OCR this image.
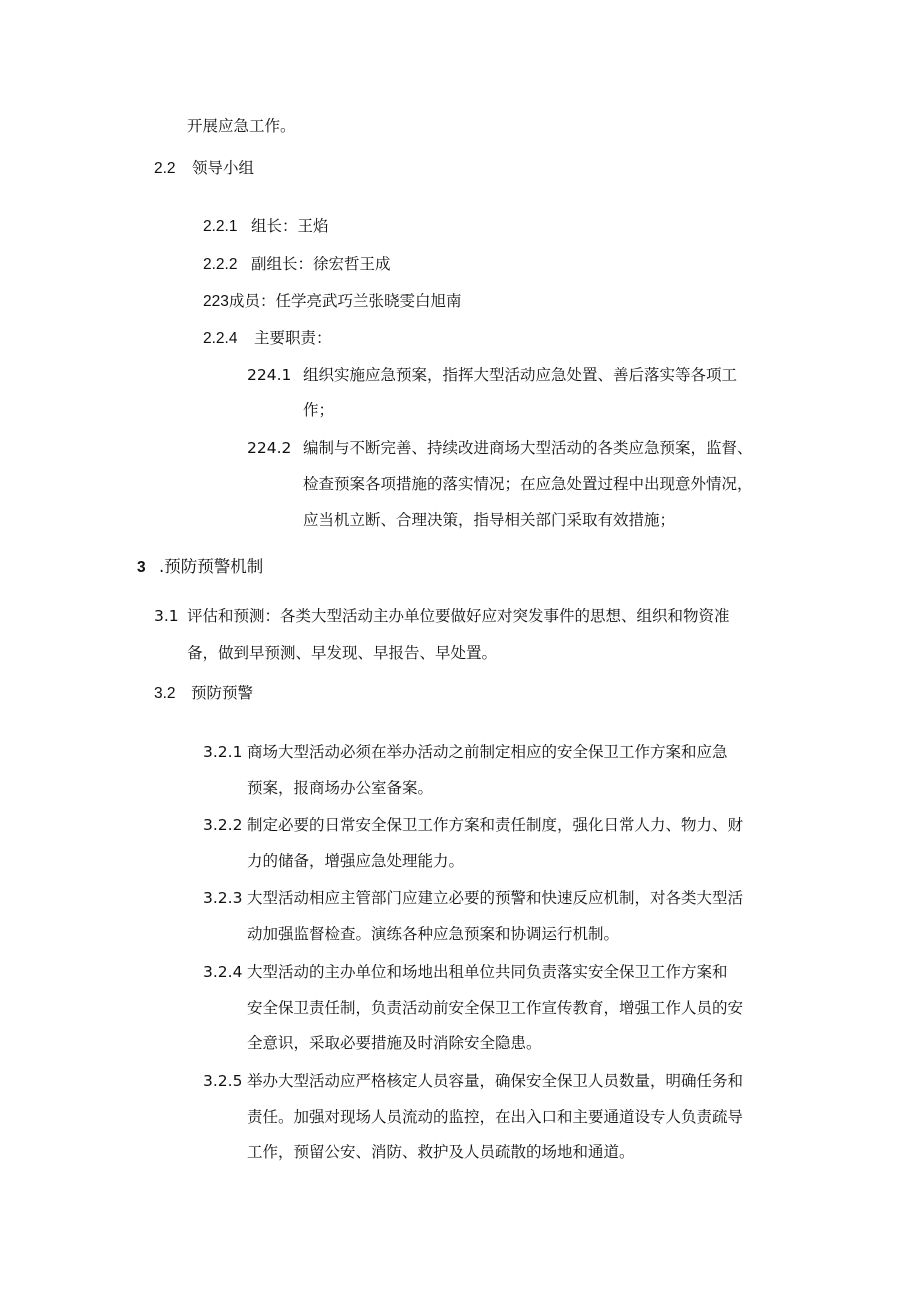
开展应急工作。
2.2 领导小组
2.2.1 组长：王焰
2.2.2 副组长：徐宏哲王成
223成员：任学亮武巧兰张晓雯白旭南
2.2.4 主要职责：
224.1 组织实施应急预案，指挥大型活动应急处置、善后落实等各项工
作；
224.2 编制与不断完善、持续改进商场大型活动的各类应急预案，监督、
检查预案各项措施的落实情况；在应急处置过程中出现意外情况，
应当机立断、合理决策，指导相关部门采取有效措施；
3 .预防预警机制
3.1 评估和预测：各类大型活动主办单位要做好应对突发事件的思想、组织和物资准
备，做到早预测、早发现、早报告、早处置。
3.2 预防预警
3.2.1 商场大型活动必须在举办活动之前制定相应的安全保卫工作方案和应急
预案，报商场办公室备案。
3.2.2 制定必要的日常安全保卫工作方案和责任制度，强化日常人力、物力、财
力的储备，增强应急处理能力。
3.2.3 大型活动相应主管部门应建立必要的预警和快速反应机制，对各类大型活
动加强监督检查。演练各种应急预案和协调运行机制。
3.2.4 大型活动的主办单位和场地出租单位共同负责落实安全保卫工作方案和
安全保卫责任制，负责活动前安全保卫工作宣传教育，增强工作人员的安
全意识，采取必要措施及时消除安全隐患。
3.2.5 举办大型活动应严格核定人员容量，确保安全保卫人员数量，明确任务和
责任。加强对现场人员流动的监控，在出入口和主要通道设专人负责疏导
工作，预留公安、消防、救护及人员疏散的场地和通道。
